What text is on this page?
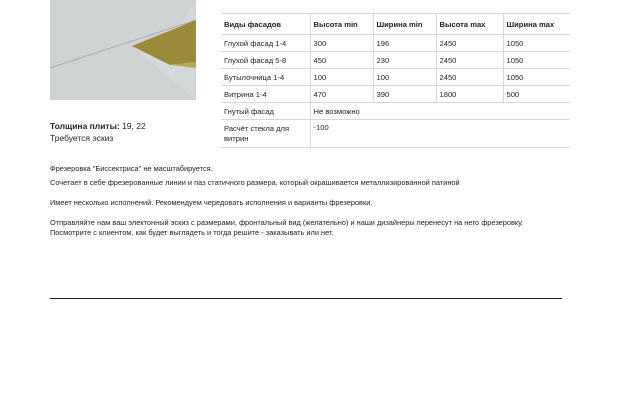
Толщина плиты: 19, 22
Требуется эскиз
Виды фасадов	Высота min	Ширина min	Высота max	Ширина max
Глухой фасад 1-4	300	196	2450	1050
Глухой фасад 5-8	450	230	2450	1050
Бутылочница 1-4	100	100	2450	1050
Витрина 1-4	470	390	1800	500
Гнутый фасад	Не возможно			
Расчёт стекла для витрин	-100			

Фрезеровка "Биссектриса" не масштабируется.

Сочетает в себе фрезерованные линии и паз статичного размера, который окрашивается металлизированной патиной

Имеет несколько исполнений. Рекомендуем чередовать исполнения и варианты фрезеровки.

Отправляйте нам ваш электонный эскиз с размерами, фронтальный вид (желательно) и наши дизайнеры перенесут на него фрезеровку. Посмотрите с клиентом, как будет выглядеть и тогда решите - заказывать или нет.
